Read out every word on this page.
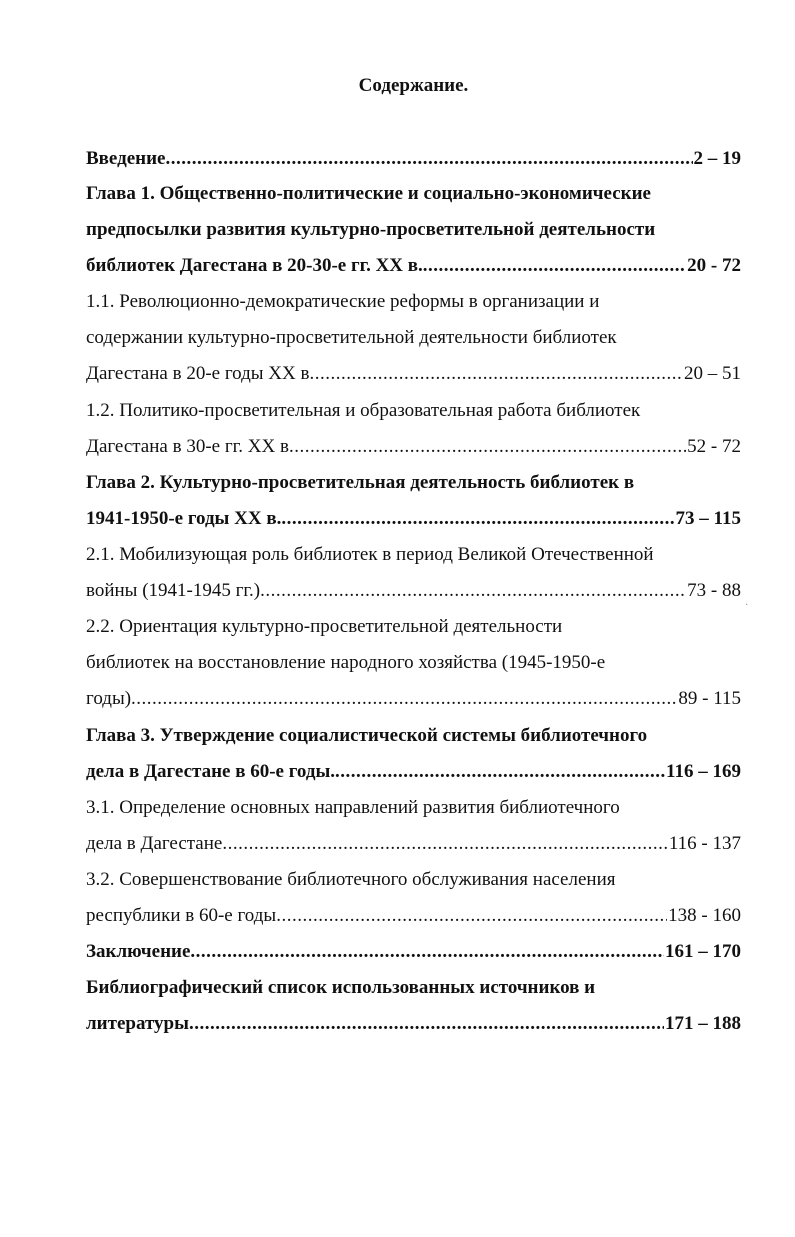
Содержание.
Введение .....	2 – 19
Глава 1. Общественно-политические и социально-экономические
предпосылки развития культурно-просветительной деятельности
библиотек Дагестана в 20-30-е гг. XX в. .....	20 - 72
1.1. Революционно-демократические реформы в организации и
содержании культурно-просветительной деятельности библиотек
Дагестана в 20-е годы XX в .....	20 – 51
1.2. Политико-просветительная и образовательная работа библиотек
Дагестана в 30-е гг. XX в .....	52 - 72
Глава 2. Культурно-просветительная деятельность библиотек в
1941-1950-е годы XX в. .....	73 – 115
2.1. Мобилизующая роль библиотек в период Великой Отечественной
войны (1941-1945 гг.) .....	73 - 88
2.2. Ориентация культурно-просветительной деятельности
библиотек на восстановление народного хозяйства (1945-1950-е
годы) .....	89 - 115
Глава 3. Утверждение социалистической системы библиотечного
дела в Дагестане в 60-е годы. .....	116 – 169
3.1. Определение основных направлений развития библиотечного
дела в Дагестане .....	116 - 137
3.2. Совершенствование библиотечного обслуживания населения
республики в 60-е годы .....	138 - 160
Заключение .....	161 – 170
Библиографический список использованных источников и
литературы .....	171 – 188
·
